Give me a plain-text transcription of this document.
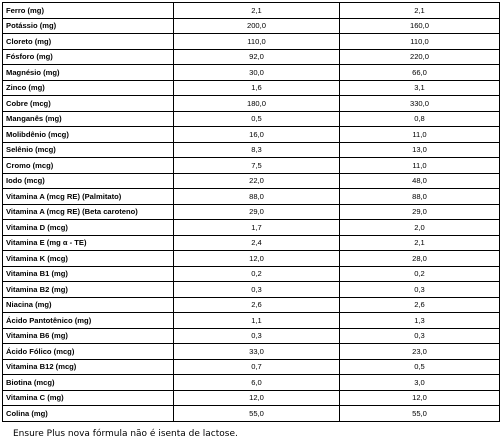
Ferro (mg)	2,1	2,1
Potássio (mg)	200,0	160,0
Cloreto (mg)	110,0	110,0
Fósforo (mg)	92,0	220,0
Magnésio (mg)	30,0	66,0
Zinco (mg)	1,6	3,1
Cobre (mcg)	180,0	330,0
Manganês (mg)	0,5	0,8
Molibdênio (mcg)	16,0	11,0
Selênio (mcg)	8,3	13,0
Cromo (mcg)	7,5	11,0
Iodo (mcg)	22,0	48,0
Vitamina A (mcg RE) (Palmitato)	88,0	88,0
Vitamina A (mcg RE) (Beta caroteno)	29,0	29,0
Vitamina D (mcg)	1,7	2,0
Vitamina E (mg α - TE)	2,4	2,1
Vitamina K (mcg)	12,0	28,0
Vitamina B1 (mg)	0,2	0,2
Vitamina B2 (mg)	0,3	0,3
Niacina (mg)	2,6	2,6
Ácido Pantotênico (mg)	1,1	1,3
Vitamina B6 (mg)	0,3	0,3
Ácido Fólico (mcg)	33,0	23,0
Vitamina B12 (mcg)	0,7	0,5
Biotina (mcg)	6,0	3,0
Vitamina C (mg)	12,0	12,0
Colina (mg)	55,0	55,0
Ensure Plus nova fórmula não é isenta de lactose.
